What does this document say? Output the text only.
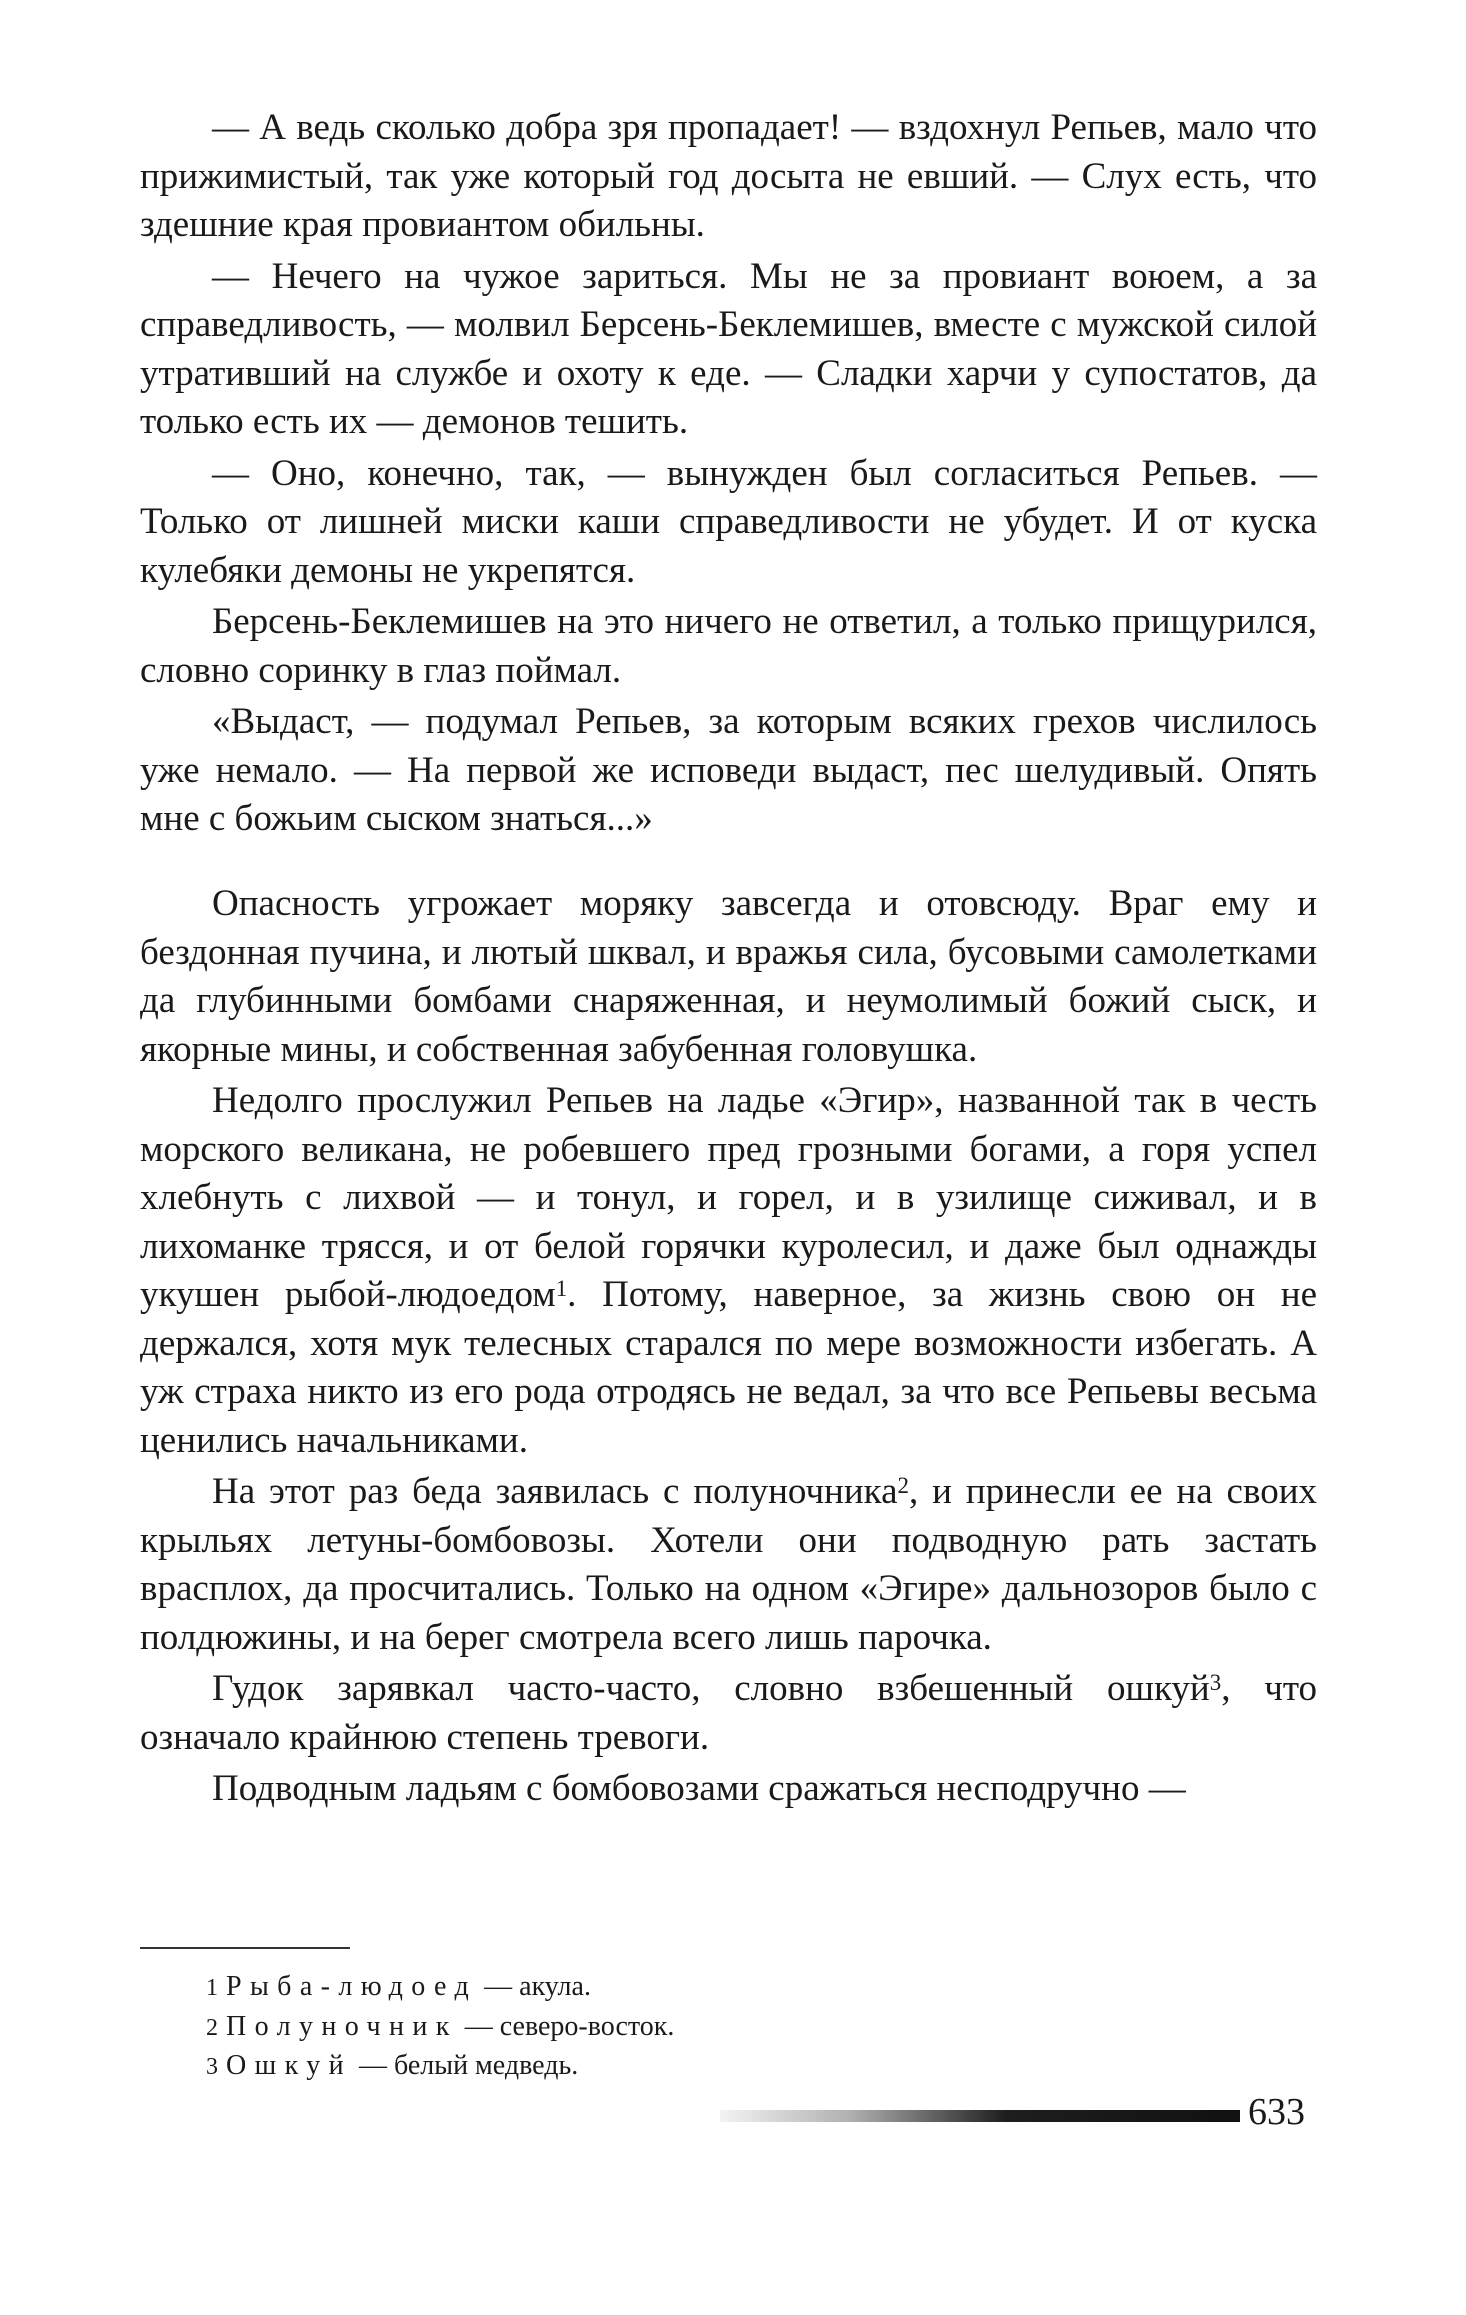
— А ведь сколько добра зря пропадает! — вздохнул Репьев, мало что прижимистый, так уже который год досыта не евший. — Слух есть, что здешние края провиантом обильны.

— Нечего на чужое зариться. Мы не за провиант воюем, а за справедливость, — молвил Берсень-Беклемишев, вместе с мужской силой утративший на службе и охоту к еде. — Сладки харчи у супостатов, да только есть их — демонов тешить.

— Оно, конечно, так, — вынужден был согласиться Репьев. — Только от лишней миски каши справедливости не убудет. И от куска кулебяки демоны не укрепятся.

Берсень-Беклемишев на это ничего не ответил, а только прищурился, словно соринку в глаз поймал.

«Выдаст, — подумал Репьев, за которым всяких грехов числилось уже немало. — На первой же исповеди выдаст, пес шелудивый. Опять мне с божьим сыском знаться...»

Опасность угрожает моряку завсегда и отовсюду. Враг ему и бездонная пучина, и лютый шквал, и вражья сила, бусовыми самолетками да глубинными бомбами снаряженная, и неумолимый божий сыск, и якорные мины, и собственная забубенная головушка.

Недолго прослужил Репьев на ладье «Эгир», названной так в честь морского великана, не робевшего пред грозными богами, а горя успел хлебнуть с лихвой — и тонул, и горел, и в узилище сиживал, и в лихоманке трясся, и от белой горячки куролесил, и даже был однажды укушен рыбой-людоедом$^1$. Потому, наверное, за жизнь свою он не держался, хотя мук телесных старался по мере возможности избегать. А уж страха никто из его рода отродясь не ведал, за что все Репьевы весьма ценились начальниками.

На этот раз беда заявилась с полуночника$^2$, и принесли ее на своих крыльях летуны-бомбовозы. Хотели они подводную рать застать врасплох, да просчитались. Только на одном «Эгире» дальнозоров было с полдюжины, и на берег смотрела всего лишь парочка.

Гудок зарявкал часто-часто, словно взбешенный ошкуй$^3$, что означало крайнюю степень тревоги.

Подводным ладьям с бомбовозами сражаться несподручно —

1 Рыба-людоед — акула.

2 Полуночник — северо-восток.

3 Ошкуй — белый медведь.

633
